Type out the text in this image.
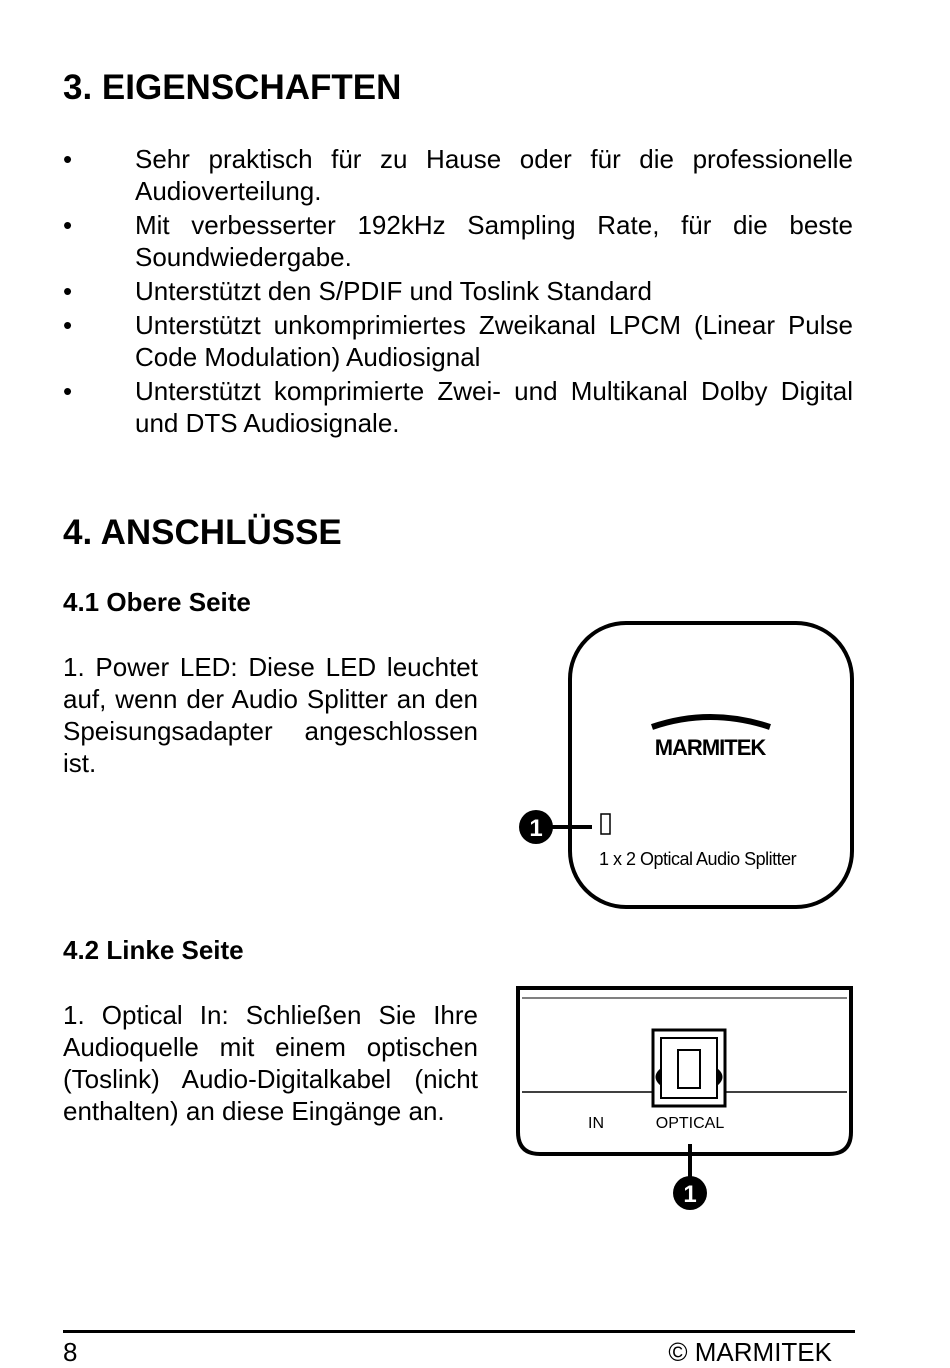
3. EIGENSCHAFTEN
• Sehr praktisch für zu Hause oder für die professionelle Audioverteilung.
• Mit verbesserter 192kHz Sampling Rate, für die beste Soundwiedergabe.
• Unterstützt den S/PDIF und Toslink Standard
• Unterstützt unkomprimiertes Zweikanal LPCM (Linear Pulse Code Modulation) Audiosignal
• Unterstützt komprimierte Zwei- und Multikanal Dolby Digital und DTS Audiosignale.
4. ANSCHLÜSSE
4.1 Obere Seite

1. Power LED: Diese LED leuchtet auf, wenn der Audio Splitter an den Speisungsadapter angeschlossen ist.

MARMITEK
1
1 x 2 Optical Audio Splitter
4.2 Linke Seite

1. Optical In: Schließen Sie Ihre Audioquelle mit einem optischen (Toslink) Audio-Digitalkabel (nicht enthalten) an diese Eingänge an.	IN	OPTICAL
1
8	© MARMITEK
